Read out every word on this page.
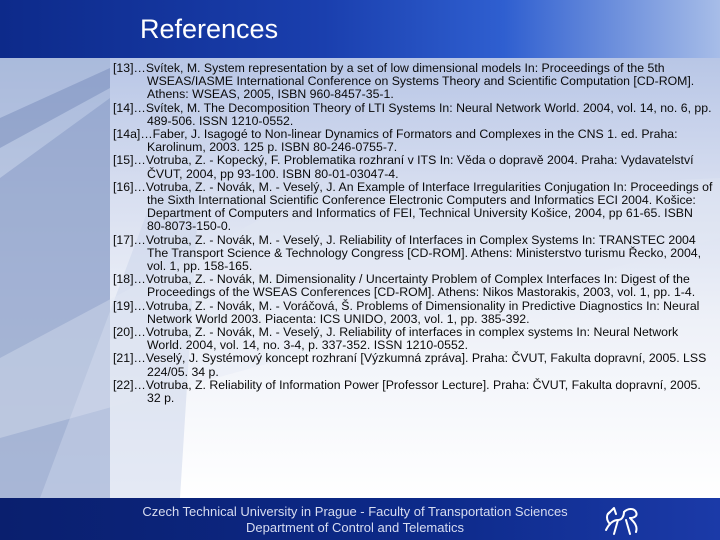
References
[13]…Svítek, M. System representation by a set of low dimensional models In: Proceedings of the 5th WSEAS/IASME International Conference on Systems Theory and Scientific Computation [CD-ROM]. Athens: WSEAS, 2005, ISBN 960-8457-35-1.
[14]…Svítek, M. The Decomposition Theory of LTI Systems In: Neural Network World. 2004, vol. 14, no. 6, pp. 489-506. ISSN 1210-0552.
[14a]…Faber, J. Isagogé to Non-linear Dynamics of Formators and Complexes in the CNS 1. ed. Praha: Karolinum, 2003. 125 p. ISBN 80-246-0755-7.
[15]…Votruba, Z. - Kopecký, F. Problematika rozhraní v ITS In: Věda o dopravě 2004. Praha: Vydavatelství ČVUT, 2004, pp 93-100. ISBN 80-01-03047-4.
[16]…Votruba, Z. - Novák, M. - Veselý, J. An Example of Interface Irregularities Conjugation In: Proceedings of the Sixth International Scientific Conference Electronic Computers and Informatics ECI 2004. Košice: Department of Computers and Informatics of FEI, Technical University Košice, 2004, pp 61-65. ISBN 80-8073-150-0.
[17]…Votruba, Z. - Novák, M. - Veselý, J. Reliability of Interfaces in Complex Systems In: TRANSTEC 2004 The Transport Science & Technology Congress [CD-ROM]. Athens: Ministerstvo turismu Řecko, 2004, vol. 1, pp. 158-165.
[18]…Votruba, Z. - Novák, M. Dimensionality / Uncertainty Problem of Complex Interfaces In: Digest of the Proceedings of the WSEAS Conferences [CD-ROM]. Athens: Nikos Mastorakis, 2003, vol. 1, pp. 1-4.
[19]…Votruba, Z. - Novák, M. - Voráčová, Š. Problems of Dimensionality in Predictive Diagnostics In: Neural Network World 2003. Piacenta: ICS UNIDO, 2003, vol. 1, pp. 385-392.
[20]…Votruba, Z. - Novák, M. - Veselý, J. Reliability of interfaces in complex systems In: Neural Network World. 2004, vol. 14, no. 3-4, p. 337-352. ISSN 1210-0552.
[21]…Veselý, J. Systémový koncept rozhraní [Výzkumná zpráva]. Praha: ČVUT, Fakulta dopravní, 2005. LSS 224/05. 34 p.
[22]…Votruba, Z. Reliability of Information Power [Professor Lecture]. Praha: ČVUT, Fakulta dopravní, 2005. 32 p.
Czech Technical University in Prague - Faculty of Transportation Sciences
Department of Control and Telematics
